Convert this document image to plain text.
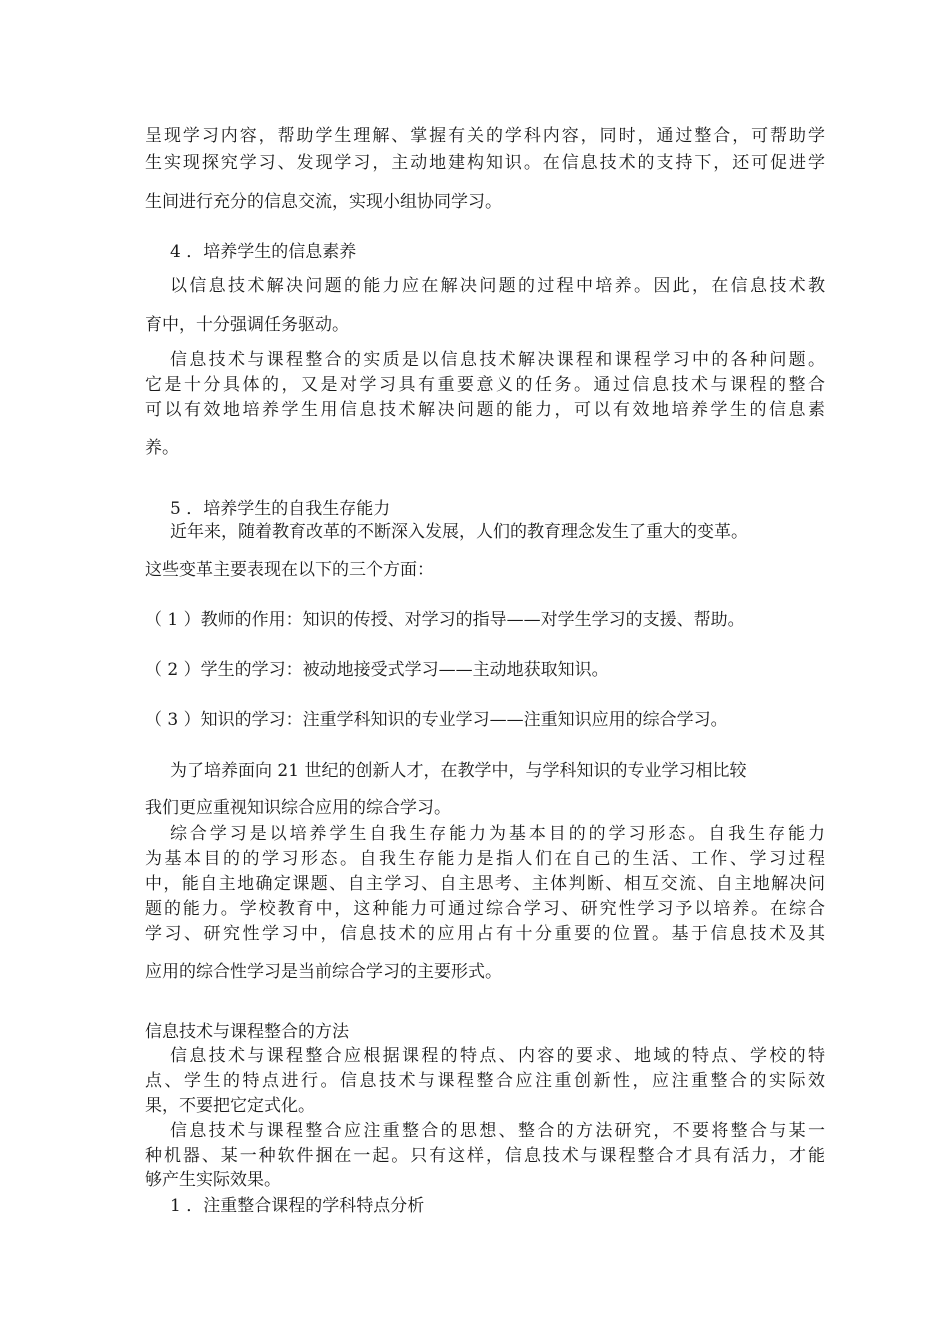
呈现学习内容，帮助学生理解、掌握有关的学科内容，同时，通过整合，可帮助学
生实现探究学习、发现学习，主动地建构知识。在信息技术的支持下，还可促进学
生间进行充分的信息交流，实现小组协同学习。
4 ．培养学生的信息素养
以信息技术解决问题的能力应在解决问题的过程中培养。因此，在信息技术教
育中，十分强调任务驱动。
信息技术与课程整合的实质是以信息技术解决课程和课程学习中的各种问题。
它是十分具体的，又是对学习具有重要意义的任务。通过信息技术与课程的整合
可以有效地培养学生用信息技术解决问题的能力，可以有效地培养学生的信息素
养。
5 ．培养学生的自我生存能力
近年来，随着教育改革的不断深入发展，人们的教育理念发生了重大的变革。
这些变革主要表现在以下的三个方面：
（ 1 ）教师的作用：知识的传授、对学习的指导——对学生学习的支援、帮助。
（ 2 ）学生的学习：被动地接受式学习——主动地获取知识。
（ 3 ）知识的学习：注重学科知识的专业学习——注重知识应用的综合学习。
为了培养面向 21 世纪的创新人才，在教学中，与学科知识的专业学习相比较
我们更应重视知识综合应用的综合学习。
综合学习是以培养学生自我生存能力为基本目的的学习形态。自我生存能力
为基本目的的学习形态。自我生存能力是指人们在自己的生活、工作、学习过程
中，能自主地确定课题、自主学习、自主思考、主体判断、相互交流、自主地解决问
题的能力。学校教育中，这种能力可通过综合学习、研究性学习予以培养。在综合
学习、研究性学习中，信息技术的应用占有十分重要的位置。基于信息技术及其
应用的综合性学习是当前综合学习的主要形式。
信息技术与课程整合的方法
信息技术与课程整合应根据课程的特点、内容的要求、地域的特点、学校的特
点、学生的特点进行。信息技术与课程整合应注重创新性，应注重整合的实际效
果，不要把它定式化。
信息技术与课程整合应注重整合的思想、整合的方法研究，不要将整合与某一
种机器、某一种软件捆在一起。只有这样，信息技术与课程整合才具有活力，才能
够产生实际效果。
1 ．注重整合课程的学科特点分析
